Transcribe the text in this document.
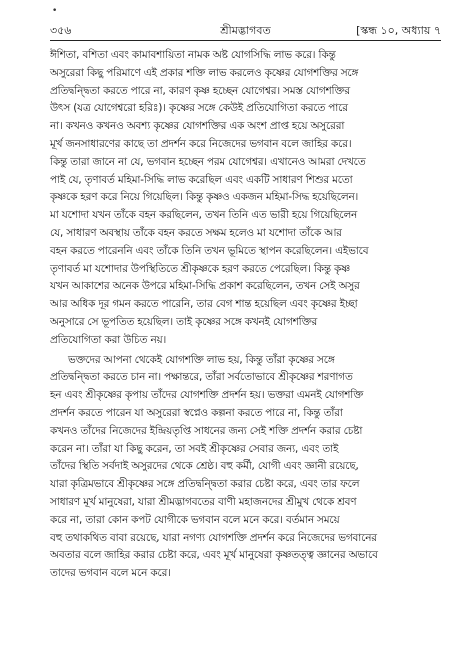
•
৩৫৬	শ্রীমদ্ভাগবত	[স্কন্ধ ১০, অধ্যায় ৭

ঈশিতা, বশিতা এবং কামাবশায়িতা নামক অষ্ট যোগসিদ্ধি লাভ করে। কিন্তু

অসুরেরা কিছু পরিমাণে এই প্রকার শক্তি লাভ করলেও কৃষ্ণের যোগশক্তির সঙ্গে

প্রতিদ্বন্দ্বিতা করতে পারে না, কারণ কৃষ্ণ হচ্ছেন যোগেশ্বর। সমস্ত যোগশক্তির

উৎস (যত্র যোগেশ্বরো হরিঃ)। কৃষ্ণের সঙ্গে কেউই প্রতিযোগিতা করতে পারে

না। কখনও কখনও অবশ্য কৃষ্ণের যোগশক্তির এক অংশ প্রাপ্ত হয়ে অসুরেরা

মূর্খ জনসাধারণের কাছে তা প্রদর্শন করে নিজেদের ভগবান বলে জাহির করে।

কিন্তু তারা জানে না যে, ভগবান হচ্ছেন পরম যোগেশ্বর। এখানেও আমরা দেখতে

পাই যে, তৃণাবর্ত মহিমা-সিদ্ধি লাভ করেছিল এবং একটি সাধারণ শিশুর মতো

কৃষ্ণকে হরণ করে নিয়ে গিয়েছিল। কিন্তু কৃষ্ণও একজন মহিমা-সিদ্ধ হয়েছিলেন।

মা যশোদা যখন তাঁকে বহন করছিলেন, তখন তিনি এত ভারী হয়ে গিয়েছিলেন

যে, সাধারণ অবস্থায় তাঁকে বহন করতে সক্ষম হলেও মা যশোদা তাঁকে আর

বহন করতে পারেননি এবং তাঁকে তিনি তখন ভূমিতে স্থাপন করেছিলেন। এইভাবে

তৃণাবর্ত মা যশোদার উপস্থিতিতে শ্রীকৃষ্ণকে হরণ করতে পেরেছিল। কিন্তু কৃষ্ণ

যখন আকাশের অনেক উপরে মহিমা-সিদ্ধি প্রকাশ করেছিলেন, তখন সেই অসুর

আর অধিক দূর গমন করতে পারেনি, তার বেগ শান্ত হয়েছিল এবং কৃষ্ণের ইচ্ছা

অনুসারে সে ভূপতিত হয়েছিল। তাই কৃষ্ণের সঙ্গে কখনই যোগশক্তির

প্রতিযোগিতা করা উচিত নয়।

ভক্তদের আপনা থেকেই যোগশক্তি লাভ হয়, কিন্তু তাঁরা কৃষ্ণের সঙ্গে

প্রতিদ্বন্দ্বিতা করতে চান না। পক্ষান্তরে, তাঁরা সর্বতোভাবে শ্রীকৃষ্ণের শরণাগত

হন এবং শ্রীকৃষ্ণের কৃপায় তাঁদের যোগশক্তি প্রদর্শন হয়। ভক্তরা এমনই যোগশক্তি

প্রদর্শন করতে পারেন যা অসুরেরা স্বপ্নেও কল্পনা করতে পারে না, কিন্তু তাঁরা

কখনও তাঁদের নিজেদের ইন্দ্রিয়তৃপ্তি সাধনের জন্য সেই শক্তি প্রদর্শন করার চেষ্টা

করেন না। তাঁরা যা কিছু করেন, তা সবই শ্রীকৃষ্ণের সেবার জন্য, এবং তাই

তাঁদের স্থিতি সর্বদাই অসুরদের থেকে শ্রেষ্ঠ। বহু কর্মী, যোগী এবং জ্ঞানী রয়েছে,

যারা কৃত্রিমভাবে শ্রীকৃষ্ণের সঙ্গে প্রতিদ্বন্দ্বিতা করার চেষ্টা করে, এবং তার ফলে

সাধারণ মূর্খ মানুষেরা, যারা শ্রীমদ্ভাগবতের বাণী মহাজনদের শ্রীমুখ থেকে শ্রবণ

করে না, তারা কোন কপট যোগীকে ভগবান বলে মনে করে। বর্তমান সময়ে

বহু তথাকথিত বাবা রয়েছে, যারা নগণ্য যোগশক্তি প্রদর্শন করে নিজেদের ভগবানের

অবতার বলে জাহির করার চেষ্টা করে, এবং মূর্খ মানুষেরা কৃষ্ণতত্ত্ব জ্ঞানের অভাবে

তাদের ভগবান বলে মনে করে।
